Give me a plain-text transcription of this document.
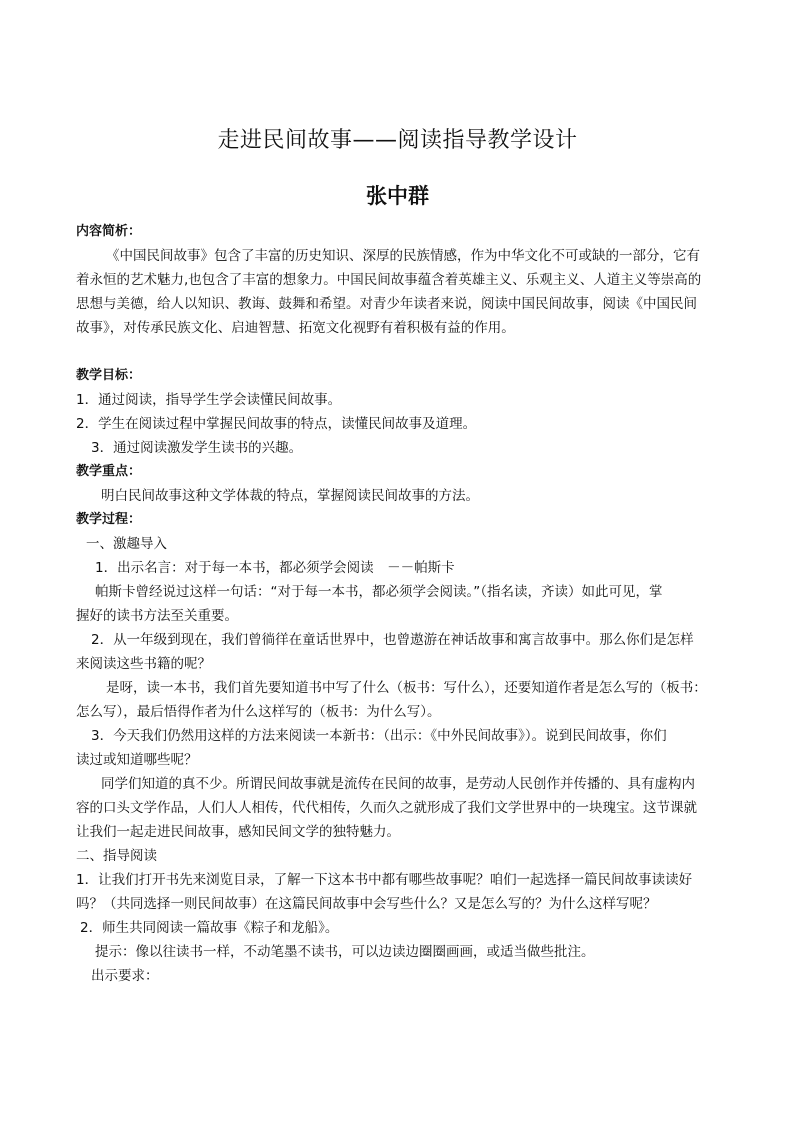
走进民间故事——阅读指导教学设计
张中群
内容简析：
《中国民间故事》包含了丰富的历史知识、深厚的民族情感，作为中华文化不可或缺的一部分，它有
着永恒的艺术魅力,也包含了丰富的想象力。中国民间故事蕴含着英雄主义、乐观主义、人道主义等崇高的
思想与美德，给人以知识、教诲、鼓舞和希望。对青少年读者来说，阅读中国民间故事，阅读《中国民间
故事》，对传承民族文化、启迪智慧、拓宽文化视野有着积极有益的作用。
教学目标：
1．通过阅读，指导学生学会读懂民间故事。
2．学生在阅读过程中掌握民间故事的特点，读懂民间故事及道理。
3．通过阅读激发学生读书的兴趣。
教学重点：
明白民间故事这种文学体裁的特点，掌握阅读民间故事的方法。
教学过程：
一、激趣导入
1．出示名言：对于每一本书，都必须学会阅读　－－帕斯卡
帕斯卡曾经说过这样一句话：“对于每一本书，都必须学会阅读。”（指名读，齐读）如此可见，掌
握好的读书方法至关重要。
2．从一年级到现在，我们曾徜徉在童话世界中，也曾遨游在神话故事和寓言故事中。那么你们是怎样
来阅读这些书籍的呢？
是呀，读一本书，我们首先要知道书中写了什么（板书：写什么），还要知道作者是怎么写的（板书：
怎么写），最后悟得作者为什么这样写的（板书：为什么写）。
3．今天我们仍然用这样的方法来阅读一本新书：（出示：《中外民间故事》）。说到民间故事，你们
读过或知道哪些呢？
同学们知道的真不少。所谓民间故事就是流传在民间的故事，是劳动人民创作并传播的、具有虚构内
容的口头文学作品，人们人人相传，代代相传，久而久之就形成了我们文学世界中的一块瑰宝。这节课就
让我们一起走进民间故事，感知民间文学的独特魅力。
二、指导阅读
1．让我们打开书先来浏览目录，了解一下这本书中都有哪些故事呢？咱们一起选择一篇民间故事读读好
吗？（共同选择一则民间故事）在这篇民间故事中会写些什么？又是怎么写的？为什么这样写呢？
2．师生共同阅读一篇故事《粽子和龙船》。
提示：像以往读书一样，不动笔墨不读书，可以边读边圈圈画画，或适当做些批注。
出示要求：
